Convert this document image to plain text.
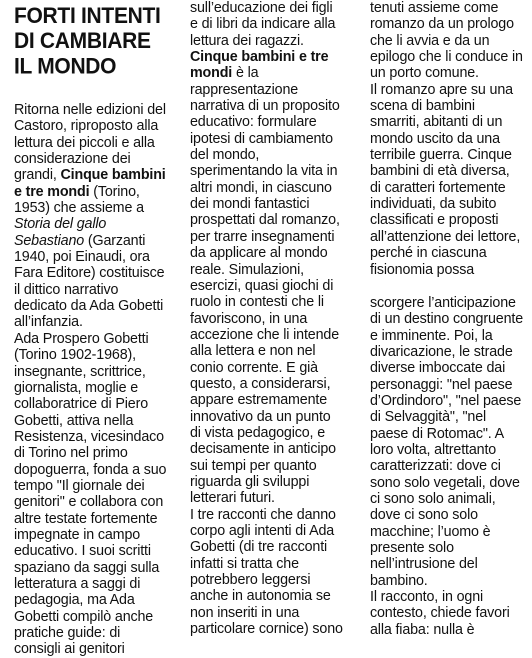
FORTI INTENTI
DI CAMBIARE
IL MONDO
Ritorna nelle edizioni del
Castoro, riproposto alla
lettura dei piccoli e alla
considerazione dei
grandi, Cinque bambini
e tre mondi (Torino,
1953) che assieme a
Storia del gallo
Sebastiano (Garzanti
1940, poi Einaudi, ora
Fara Editore) costituisce
il dittico narrativo
dedicato da Ada Gobetti
all’infanzia.
Ada Prospero Gobetti
(Torino 1902-1968),
insegnante, scrittrice,
giornalista, moglie e
collaboratrice di Piero
Gobetti, attiva nella
Resistenza, vicesindaco
di Torino nel primo
dopoguerra, fonda a suo
tempo "Il giornale dei
genitori" e collabora con
altre testate fortemente
impegnate in campo
educativo. I suoi scritti
spaziano da saggi sulla
letteratura a saggi di
pedagogia, ma Ada
Gobetti compilò anche
pratiche guide: di
consigli ai genitori
sull’educazione dei figli
e di libri da indicare alla
lettura dei ragazzi.
Cinque bambini e tre
mondi è la
rappresentazione
narrativa di un proposito
educativo: formulare
ipotesi di cambiamento
del mondo,
sperimentando la vita in
altri mondi, in ciascuno
dei mondi fantastici
prospettati dal romanzo,
per trarre insegnamenti
da applicare al mondo
reale. Simulazioni,
esercizi, quasi giochi di
ruolo in contesti che li
favoriscono, in una
accezione che li intende
alla lettera e non nel
conio corrente. E già
questo, a considerarsi,
appare estremamente
innovativo da un punto
di vista pedagogico, e
decisamente in anticipo
sui tempi per quanto
riguarda gli sviluppi
letterari futuri.
I tre racconti che danno
corpo agli intenti di Ada
Gobetti (di tre racconti
infatti si tratta che
potrebbero leggersi
anche in autonomia se
non inseriti in una
particolare cornice) sono
tenuti assieme come
romanzo da un prologo
che li avvia e da un
epilogo che li conduce in
un porto comune.
Il romanzo apre su una
scena di bambini
smarriti, abitanti di un
mondo uscito da una
terribile guerra. Cinque
bambini di età diversa,
di caratteri fortemente
individuati, da subito
classificati e proposti
all’attenzione dei lettore,
perché in ciascuna
fisionomia possa
scorgere l’anticipazione
di un destino congruente
e imminente. Poi, la
divaricazione, le strade
diverse imboccate dai
personaggi: "nel paese
d’Ordindoro", "nel paese
di Selvaggità", "nel
paese di Rotomac". A
loro volta, altrettanto
caratterizzati: dove ci
sono solo vegetali, dove
ci sono solo animali,
dove ci sono solo
macchine; l’uomo è
presente solo
nell’intrusione del
bambino.
Il racconto, in ogni
contesto, chiede favori
alla fiaba: nulla è
